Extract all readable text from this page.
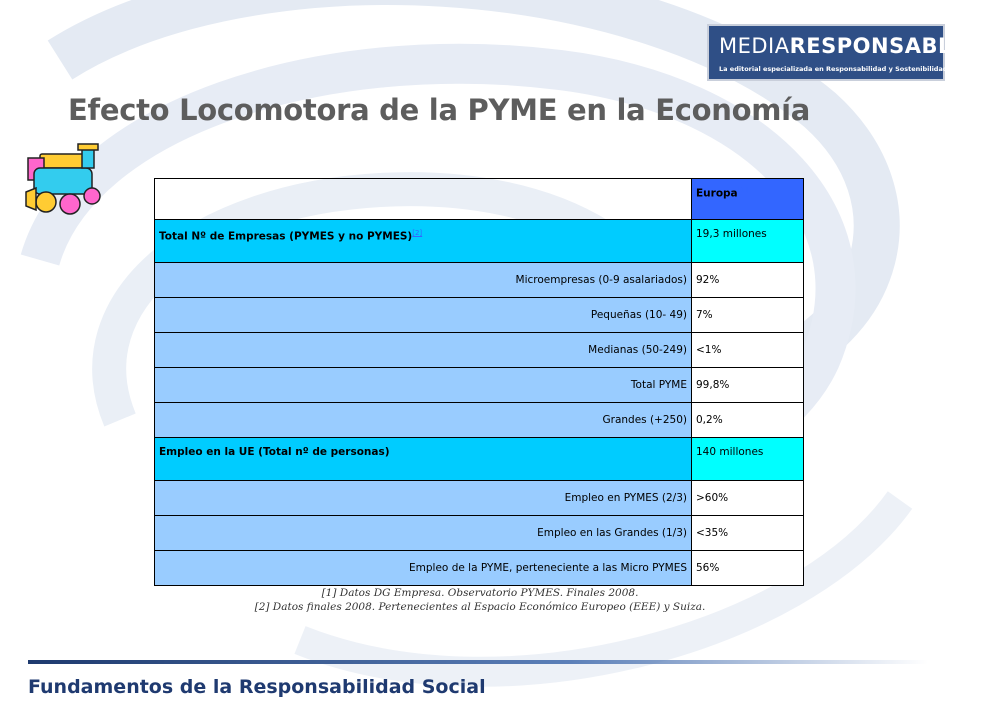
MEDIARESPONSABLE®
La editorial especializada en Responsabilidad y Sostenibilidad
Efecto Locomotora de la PYME en la Economía
	Europa[1]
Total Nº de Empresas (PYMES y no PYMES)[2]	19,3 millones
Microempresas (0-9 asalariados)	92%
Pequeñas (10- 49)	7%
Medianas (50-249)	<1%
Total PYME	99,8%
Grandes (+250)	0,2%
Empleo en la UE (Total nº de personas)	140 millones
Empleo en PYMES (2/3)	>60%
Empleo en las Grandes (1/3)	<35%
Empleo de la PYME, perteneciente a las Micro PYMES	56%
[1] Datos DG Empresa. Observatorio PYMES. Finales 2008.
[2] Datos finales 2008. Pertenecientes al Espacio Económico Europeo (EEE) y Suiza.
Fundamentos de la Responsabilidad Social
